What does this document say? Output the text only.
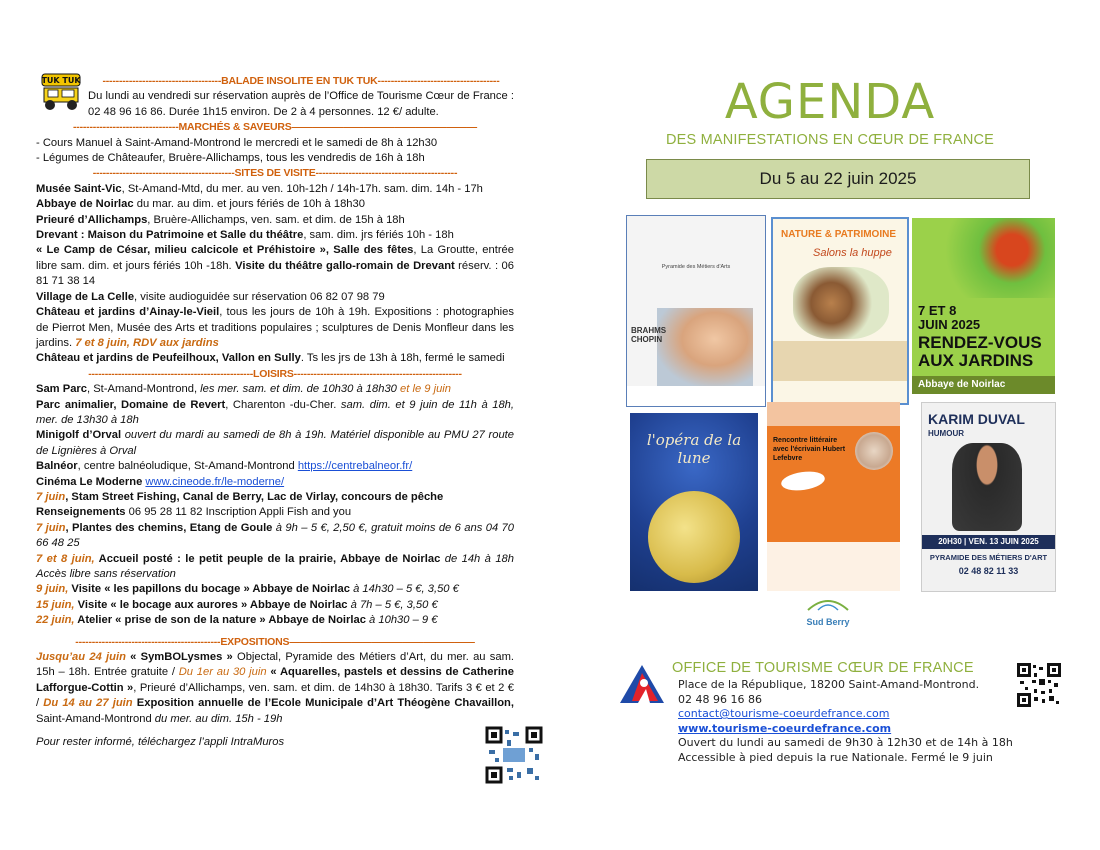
TUK TUK	------------------------------------BALADE INSOLITE EN TUK TUK-------------------------------------

Du lundi au vendredi sur réservation auprès de l’Office de Tourisme Cœur de France : 02 48 96 16 86. Durée 1h15 environ. De 2 à 4 personnes. 12 €/ adulte.

--------------------------------MARCHÉS & SAVEURS——————————————————

- Cours Manuel à Saint-Amand-Montrond le mercredi et le samedi de 8h à 12h30

- Légumes de Châteaufer, Bruère-Allichamps, tous les vendredis de 16h à 18h

-------------------------------------------SITES DE VISITE-------------------------------------------

Musée Saint-Vic, St-Amand-Mtd, du mer. au ven. 10h-12h / 14h-17h. sam. dim. 14h - 17h

Abbaye de Noirlac du mar. au dim. et jours fériés de 10h à 18h30

Prieuré d’Allichamps, Bruère-Allichamps, ven. sam. et dim. de 15h à 18h

Drevant : Maison du Patrimoine et Salle du théâtre, sam. dim. jrs fériés 10h - 18h

« Le Camp de César, milieu calcicole et Préhistoire », Salle des fêtes, La Groutte, entrée libre sam. dim. et jours fériés 10h -18h. Visite du théâtre gallo-romain de Drevant réserv. : 06 81 71 38 14

Village de La Celle, visite audioguidée sur réservation 06 82 07 98 79

Château et jardins d’Ainay-le-Vieil, tous les jours de 10h à 19h. Expositions : photographies de Pierrot Men, Musée des Arts et traditions populaires ; sculptures de Denis Monfleur dans les jardins. 7 et 8 juin, RDV aux jardins

Château et jardins de Peufeilhoux, Vallon en Sully. Ts les jrs de 13h à 18h, fermé le samedi

--------------------------------------------------LOISIRS---------------------------------------------------

Sam Parc, St-Amand-Montrond, les mer. sam. et dim. de 10h30 à 18h30 et le 9 juin

Parc animalier, Domaine de Revert, Charenton -du-Cher. sam. dim. et 9 juin de 11h à 18h, mer. de 13h30 à 18h

Minigolf d’Orval ouvert du mardi au samedi de 8h à 19h. Matériel disponible au PMU 27 route de Lignières à Orval

Balnéor, centre balnéoludique, St-Amand-Montrond https://centrebalneor.fr/

Cinéma Le Moderne www.cineode.fr/le-moderne/

7 juin, Stam Street Fishing, Canal de Berry, Lac de Virlay, concours de pêche
Renseignements 06 95 28 11 82 Inscription Appli Fish and you

7 juin, Plantes des chemins, Etang de Goule à 9h – 5 €, 2,50 €, gratuit moins de 6 ans 04 70 66 48 25

7 et 8 juin, Accueil posté : le petit peuple de la prairie, Abbaye de Noirlac de 14h à 18h Accès libre sans réservation

9 juin, Visite « les papillons du bocage » Abbaye de Noirlac à 14h30 – 5 €, 3,50 €

15 juin, Visite « le bocage aux aurores » Abbaye de Noirlac à 7h – 5 €, 3,50 €

22 juin, Atelier « prise de son de la nature » Abbaye de Noirlac à 10h30 – 9 €

--------------------------------------------EXPOSITIONS——————————————————

Jusqu’au 24 juin « SymBOLysmes » Objectal, Pyramide des Métiers d’Art, du mer. au sam. 15h – 18h. Entrée gratuite / Du 1er au 30 juin « Aquarelles, pastels et dessins de Catherine Lafforgue-Cottin », Prieuré d’Allichamps, ven. sam. et dim. de 14h30 à 18h30. Tarifs 3 € et 2 € / Du 14 au 27 juin Exposition annuelle de l’Ecole Municipale d’Art Théogène Chavaillon, Saint-Amand-Montrond du mer. au dim. 15h - 19h

Pour rester informé, téléchargez l’appli IntraMuros

AGENDA
DES MANIFESTATIONS EN CŒUR DE FRANCE
Du 5 au 22 juin 2025
Pyramide des Métiers d'Arts
BRAHMS CHOPIN
NATURE & PATRIMOINE
Salons la huppe
7 ET 8
JUIN 2025
RENDEZ-VOUS AUX JARDINS
Abbaye de Noirlac
l'opéra de la lune
Rencontre littéraire avec l'écrivain Hubert Lefebvre
KARIM DUVAL
HUMOUR
20H30 | VEN. 13 JUIN 2025
PYRAMIDE DES MÉTIERS D'ART
02 48 82 11 33
Sud Berry
OFFICE DE TOURISME CŒUR DE FRANCE
Place de la République, 18200 Saint-Amand-Montrond.
02 48 96 16 86
contact@tourisme-coeurdefrance.com
www.tourisme-coeurdefrance.com
Ouvert du lundi au samedi de 9h30 à 12h30 et de 14h à 18h
Accessible à pied depuis la rue Nationale. Fermé le 9 juin
